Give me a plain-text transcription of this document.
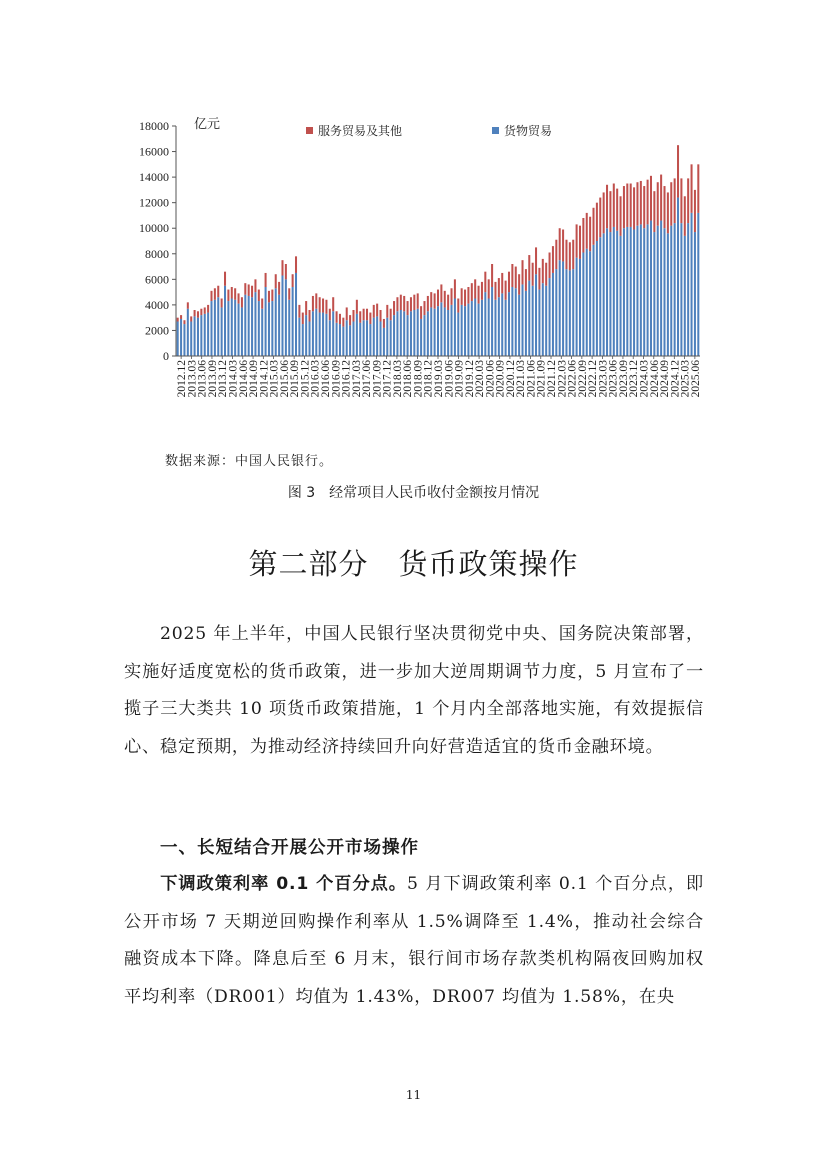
0
2000
4000
6000
8000
10000
12000
14000
16000
18000
2012.12
2013.03
2013.06
2013.09
2013.12
2014.03
2014.06
2014.09
2014.12
2015.03
2015.06
2015.09
2015.12
2016.03
2016.06
2016.09
2016.12
2017.03
2017.06
2017.09
2017.12
2018.03
2018.06
2018.09
2018.12
2019.03
2019.06
2019.09
2019.12
2020.03
2020.06
2020.09
2020.12
2021.03
2021.06
2021.09
2021.12
2022.03
2022.06
2022.09
2022.12
2023.03
2023.06
2023.09
2023.12
2024.03
2024.06
2024.09
2024.12
2025.03
2025.06
亿元	服务贸易及其他	货物贸易
数据来源：中国人民银行。
图 3 经常项目人民币收付金额按月情况
第二部分　货币政策操作
2025 年上半年，中国人民银行坚决贯彻党中央、国务院决策部署，实施好适度宽松的货币政策，进一步加大逆周期调节力度，5 月宣布了一揽子三大类共 10 项货币政策措施，1 个月内全部落地实施，有效提振信心、稳定预期，为推动经济持续回升向好营造适宜的货币金融环境。
一、长短结合开展公开市场操作
下调政策利率 0.1 个百分点。5 月下调政策利率 0.1 个百分点，即公开市场 7 天期逆回购操作利率从 1.5%调降至 1.4%，推动社会综合融资成本下降。降息后至 6 月末，银行间市场存款类机构隔夜回购加权平均利率（DR001）均值为 1.43%，DR007 均值为 1.58%，在央
11
